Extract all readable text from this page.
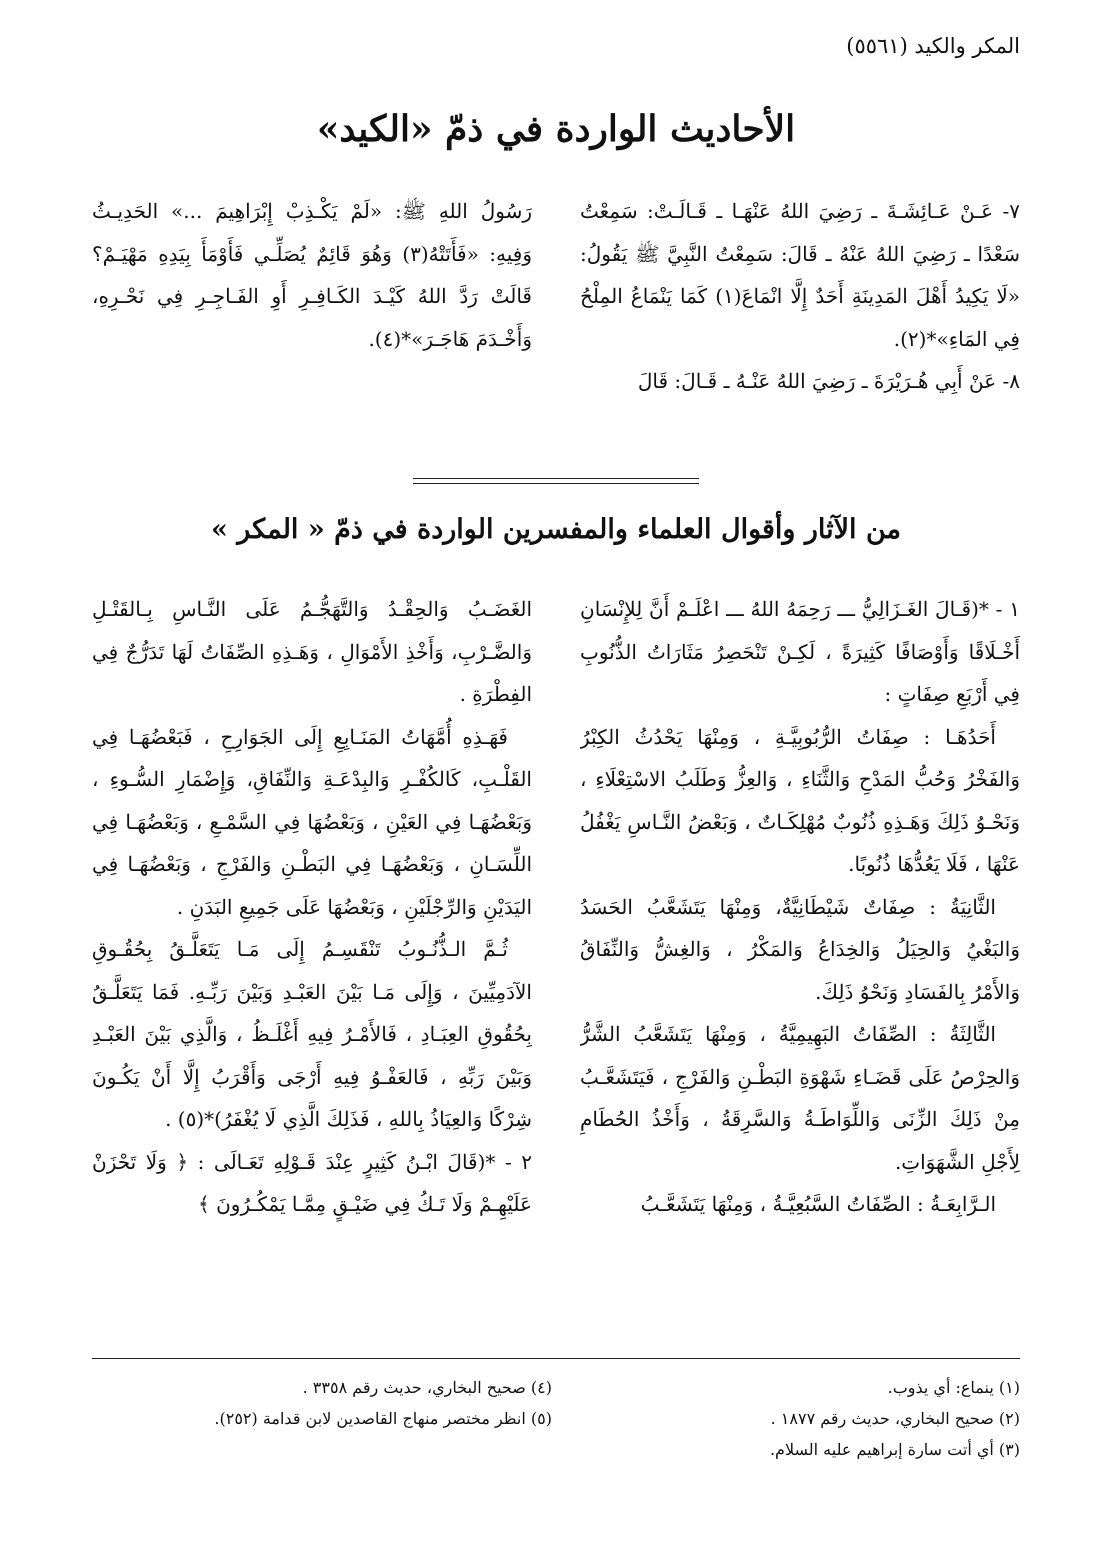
المكر والكيد (٥٥٦١)
الأحاديث الواردة في ذمّ «الكيد»

٧- عَـنْ عَـائِشَـةَ ـ رَضِيَ اللهُ عَنْهَـا ـ قَـالَـتْ: سَمِعْتُ سَعْدًا ـ رَضِيَ اللهُ عَنْهُ ـ قَالَ: سَمِعْتُ النَّبِيَّ ﷺ يَقُولُ: «لَا يَكِيدُ أَهْلَ المَدِينَةِ أَحَدٌ إِلَّا انْمَاعَ(١) كَمَا يَنْمَاعُ المِلْحُ فِي المَاءِ»*(٢).

٨- عَنْ أَبِي هُـرَيْرَةَ ـ رَضِيَ اللهُ عَنْـهُ ـ قَـالَ: قَالَ

رَسُولُ اللهِ ﷺ: «لَمْ يَكْـذِبْ إِبْرَاهِيمَ ...» الحَدِيـثُ وَفِيهِ: «فَأَتَتْهُ(٣) وَهُوَ قَائِمٌ يُصَلِّـي فَأَوْمَأَ بِيَدِهِ مَهْيَـمْ؟ قَالَتْ رَدَّ اللهُ كَيْـدَ الكَـافِـرِ أَوِ الفَـاجِـرِ فِي نَحْـرِهِ، وَأَخْـدَمَ هَاجَـرَ»*(٤).

من الآثار وأقوال العلماء والمفسرين الواردة في ذمّ « المكر »

١ - *(قَـالَ الغَـزَالِيُّ ـــ رَحِمَهُ اللهُ ـــ اعْلَـمْ أَنَّ لِلإِنْسَانِ أَخْـلَاقًا وَأَوْصَافًا كَثِيرَةً ، لَكِـنْ تَنْحَصِرُ مَثَارَاتُ الذُّنُوبِ فِي أَرْبَعِ صِفَاتٍ :

أَحَدُهَـا : صِفَاتُ الرُّبُوبِيَّـةِ ، وَمِنْهَا يَحْدُثُ الكِبْرُ وَالفَخْرُ وَحُبُّ المَدْحِ وَالثَّنَاءِ ، وَالعِزُّ وَطَلَبُ الاسْتِعْلَاءِ ، وَنَحْـوُ ذَلِكَ وَهَـذِهِ ذُنُوبٌ مُهْلِكَـاتٌ ، وَبَعْضُ النَّـاسِ يَغْفُلُ عَنْهَا ، فَلَا يَعُدُّهَا ذُنُوبًا.

الثَّانِيَةُ : صِفَاتٌ شَيْطَانِيَّةٌ، وَمِنْهَا يَتَشَعَّبُ الحَسَدُ وَالبَغْيُ وَالحِيَلُ وَالخِدَاعُ وَالمَكْرُ ، وَالغِشُّ وَالنِّفَاقُ وَالأَمْرُ بِالفَسَادِ وَنَحْوُ ذَلِكَ.

الثَّالِثَةُ : الصِّفَاتُ البَهِيمِيَّةُ ، وَمِنْهَا يَتَشَعَّبُ الشَّرُّ وَالحِرْصُ عَلَى قَضَـاءِ شَهْوَةِ البَطْـنِ وَالفَرْجِ ، فَيَتَشَعَّـبُ مِنْ ذَلِكَ الزِّنَى وَاللِّوَاطَـةُ وَالسَّرِقَةُ ، وَأَخْذُ الحُطَامِ لِأَجْلِ الشَّهَوَاتِ.

الـرَّابِعَـةُ : الصِّفَاتُ السَّبُعِيَّـةُ ، وَمِنْهَا يَتَشَعَّـبُ

الغَضَـبُ وَالحِقْـدُ وَالتَّهَجُّـمُ عَلَى النَّـاسِ بِـالقَتْـلِ وَالضَّـرْبِ، وَأَخْذِ الأَمْوَالِ ، وَهَـذِهِ الصِّفَاتُ لَهَا تَدَرُّجٌ فِي الفِطْرَةِ .

فَهَـذِهِ أُمَّهَاتُ المَنَـابِعِ إِلَى الجَوَارِحِ ، فَبَعْضُهَـا فِي القَلْـبِ، كَالكُفْـرِ وَالبِدْعَـةِ وَالنِّفَاقِ، وَإِضْمَارِ السُّـوءِ ، وَبَعْضُهَـا فِي العَيْنِ ، وَبَعْضُهَا فِي السَّمْـعِ ، وَبَعْضُهَـا فِي اللِّسَـانِ ، وَبَعْضُهَـا فِي البَطْـنِ وَالفَرْجِ ، وَبَعْضُهَـا فِي اليَدَيْنِ وَالرِّجْلَيْنِ ، وَبَعْضُهَا عَلَى جَمِيعِ البَدَنِ .

ثُـمَّ الـذُّنُـوبُ تَنْقَسِـمُ إِلَى مَـا يَتَعَلَّـقُ بِحُقُـوقِ الآدَمِيِّينَ ، وَإِلَى مَـا بَيْنَ العَبْـدِ وَبَيْنَ رَبِّـهِ. فَمَا يَتَعَلَّـقُ بِحُقُوقِ العِبَـادِ ، فَالأَمْـرُ فِيهِ أَغْلَـظُ ، وَالَّذِي بَيْنَ العَبْـدِ وَبَيْنَ رَبِّهِ ، فَالعَفْـوُ فِيهِ أَرْجَى وَأَقْرَبُ إِلَّا أَنْ يَكُـونَ شِرْكًا وَالعِيَاذُ بِاللهِ ، فَذَلِكَ الَّذِي لَا يُغْفَرُ)*(٥) .

٢ - *(قَالَ ابْـنُ كَثِيرٍ عِنْدَ قَـوْلِهِ تَعَـالَى : ﴿ وَلَا تَحْزَنْ عَلَيْهِـمْ وَلَا تَـكُ فِي ضَيْـقٍ مِمَّـا يَمْكُـرُونَ ﴾

(١) ينماع: أي يذوب.

(٢) صحيح البخاري، حديث رقم ١٨٧٧ .

(٣) أي أتت سارة إبراهيم عليه السلام.

(٤) صحيح البخاري، حديث رقم ٣٣٥٨ .

(٥) انظر مختصر منهاج القاصدين لابن قدامة (٢٥٢).
